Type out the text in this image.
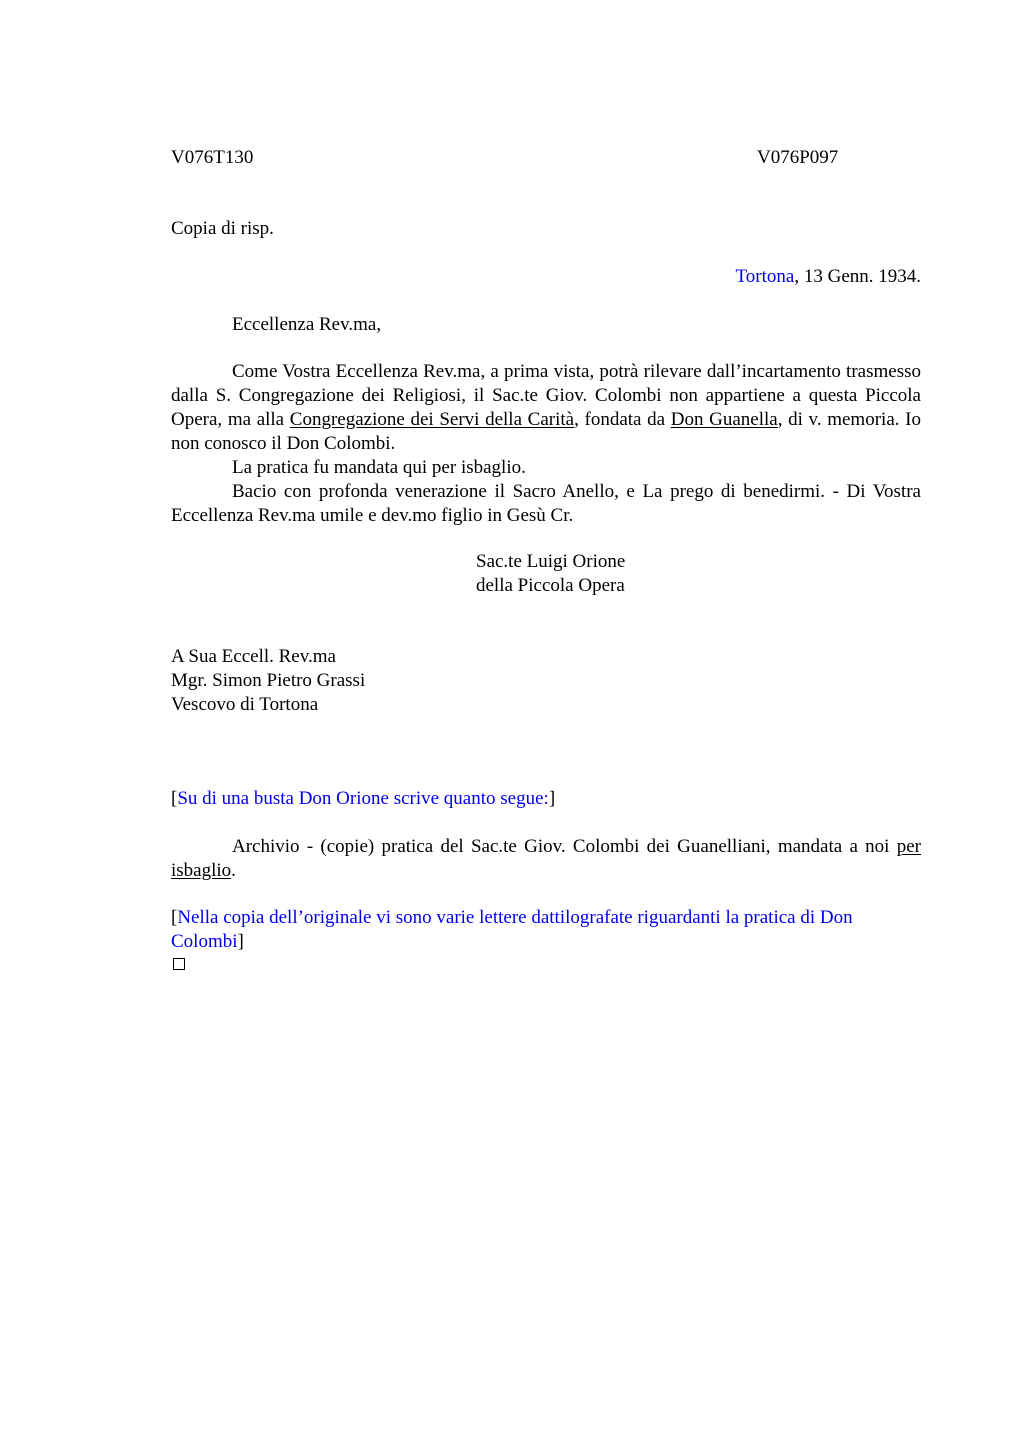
V076T130	V076P097
Copia di risp.
Tortona, 13 Genn. 1934.
Eccellenza Rev.ma,
Come Vostra Eccellenza Rev.ma, a prima vista, potrà rilevare dall’incartamento trasmesso dalla S. Congregazione dei Religiosi, il Sac.te Giov. Colombi non appartiene a questa Piccola Opera, ma alla Congregazione dei Servi della Carità, fondata da Don Guanella, di v. memoria. Io non conosco il Don Colombi.
La pratica fu mandata qui per isbaglio.
Bacio con profonda venerazione il Sacro Anello, e La prego di benedirmi. - Di Vostra Eccellenza Rev.ma umile e dev.mo figlio in Gesù Cr.
Sac.te Luigi Orione
della Piccola Opera
A Sua Eccell. Rev.ma
Mgr. Simon Pietro Grassi
Vescovo di Tortona
[Su di una busta Don Orione scrive quanto segue:]
Archivio - (copie) pratica del Sac.te Giov. Colombi dei Guanelliani, mandata a noi per isbaglio.
[Nella copia dell’originale vi sono varie lettere dattilografate riguardanti la pratica di Don Colombi]
